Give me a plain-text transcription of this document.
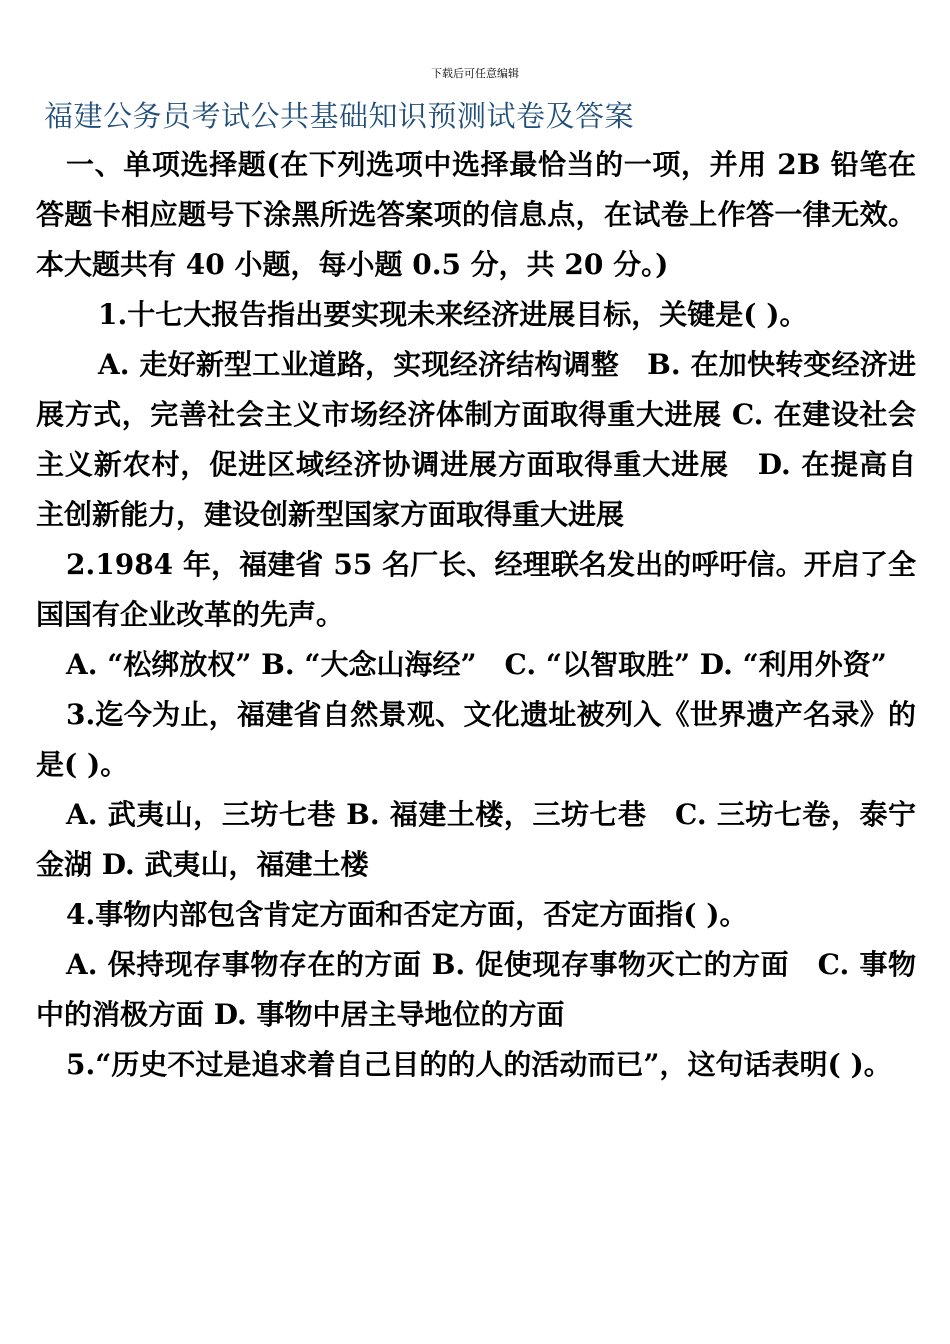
下载后可任意编辑
福建公务员考试公共基础知识预测试卷及答案

一、单项选择题(在下列选项中选择最恰当的一项，并用 2B 铅笔在答题卡相应题号下涂黑所选答案项的信息点，在试卷上作答一律无效。本大题共有 40 小题，每小题 0.5 分，共 20 分。)

1.十七大报告指出要实现未来经济进展目标，关键是( )。

A. 走好新型工业道路，实现经济结构调整　B. 在加快转变经济进展方式，完善社会主义市场经济体制方面取得重大进展 C. 在建设社会主义新农村，促进区域经济协调进展方面取得重大进展　D. 在提高自主创新能力，建设创新型国家方面取得重大进展

2.1984 年，福建省 55 名厂长、经理联名发出的呼吁信。开启了全国国有企业改革的先声。

A. “松绑放权” B. “大念山海经”　C. “以智取胜” D. “利用外资”

3.迄今为止，福建省自然景观、文化遗址被列入《世界遗产名录》的是( )。

A. 武夷山，三坊七巷 B. 福建土楼，三坊七巷　C. 三坊七卷，泰宁金湖 D. 武夷山，福建土楼

4.事物内部包含肯定方面和否定方面，否定方面指( )。

A. 保持现存事物存在的方面 B. 促使现存事物灭亡的方面　C. 事物中的消极方面 D. 事物中居主导地位的方面

5.“历史不过是追求着自己目的的人的活动而已”，这句话表明( )。
